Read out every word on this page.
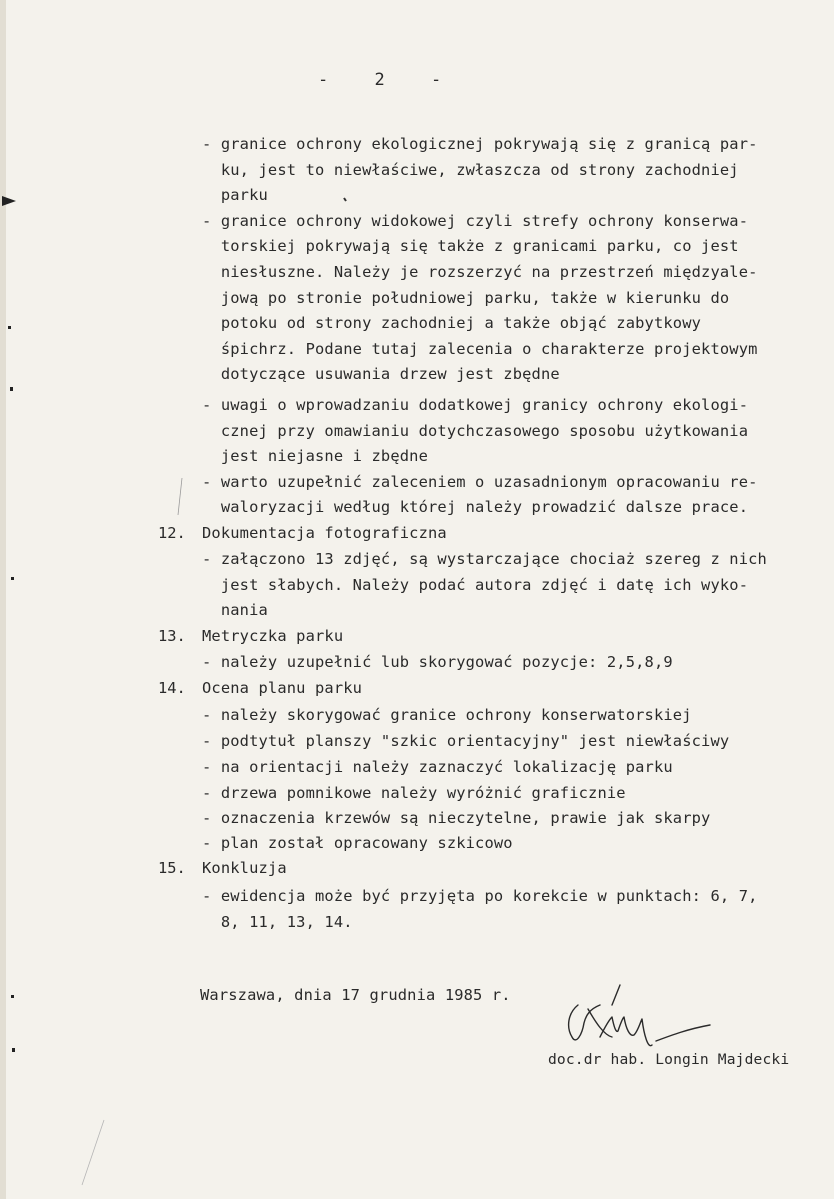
- 2 -
- granice ochrony ekologicznej pokrywają się z granicą par-
ku, jest to niewłaściwe, zwłaszcza od strony zachodniej
parku
- granice ochrony widokowej czyli strefy ochrony konserwa-
torskiej pokrywają się także z granicami parku, co jest
niesłuszne. Należy je rozszerzyć na przestrzeń międzyale-
jową po stronie południowej parku, także w kierunku do
potoku od strony zachodniej a także objąć zabytkowy
śpichrz. Podane tutaj zalecenia o charakterze projektowym
dotyczące usuwania drzew jest zbędne
- uwagi o wprowadzaniu dodatkowej granicy ochrony ekologi-
cznej przy omawianiu dotychczasowego sposobu użytkowania
jest niejasne i zbędne
- warto uzupełnić zaleceniem o uzasadnionym opracowaniu re-
waloryzacji według której należy prowadzić dalsze prace.
12. Dokumentacja fotograficzna
- załączono 13 zdjęć, są wystarczające chociaż szereg z nich
jest słabych. Należy podać autora zdjęć i datę ich wyko-
nania
13. Metryczka parku
- należy uzupełnić lub skorygować pozycje: 2,5,8,9
14. Ocena planu parku
- należy skorygować granice ochrony konserwatorskiej
- podtytuł planszy "szkic orientacyjny" jest niewłaściwy
- na orientacji należy zaznaczyć lokalizację parku
- drzewa pomnikowe należy wyróżnić graficznie
- oznaczenia krzewów są nieczytelne, prawie jak skarpy
- plan został opracowany szkicowo
15. Konkluzja
- ewidencja może być przyjęta po korekcie w punktach: 6, 7,
8, 11, 13, 14.
Warszawa, dnia 17 grudnia 1985 r.
doc.dr hab. Longin Majdecki
